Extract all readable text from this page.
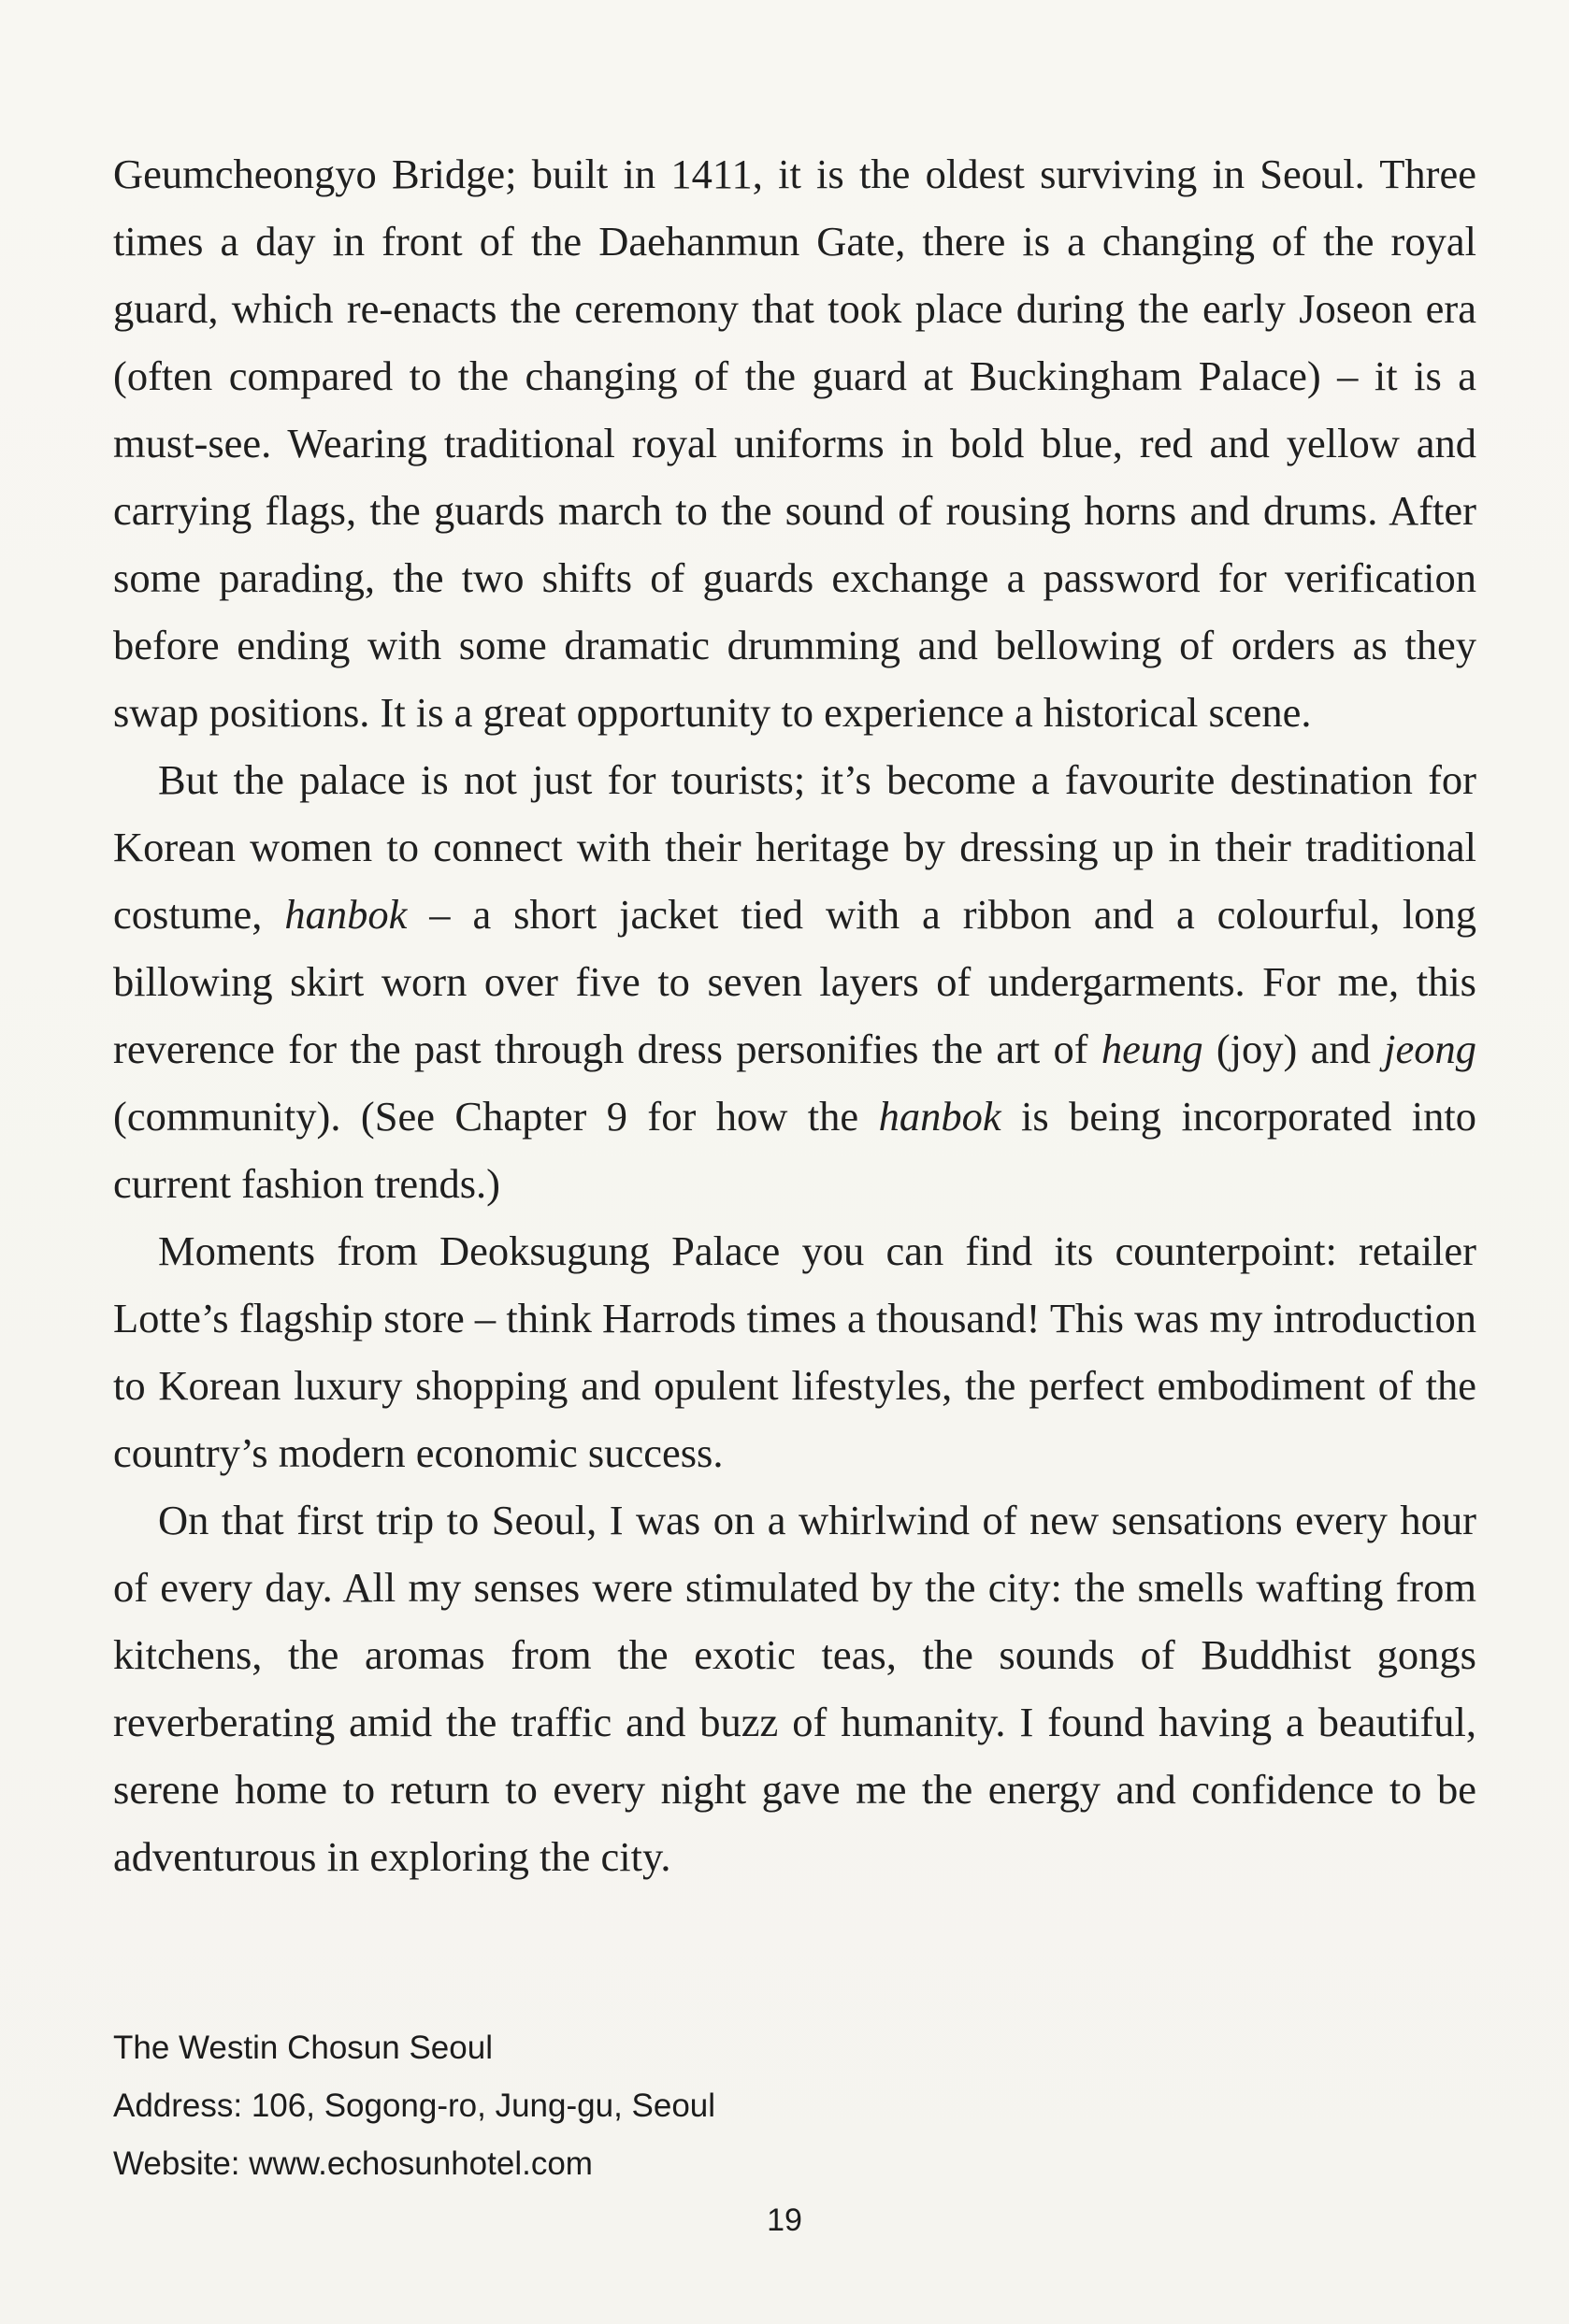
Geumcheongyo Bridge; built in 1411, it is the oldest surviving in Seoul. Three times a day in front of the Daehanmun Gate, there is a changing of the royal guard, which re-enacts the ceremony that took place during the early Joseon era (often compared to the changing of the guard at Buckingham Palace) – it is a must-see. Wearing traditional royal uniforms in bold blue, red and yellow and carrying flags, the guards march to the sound of rousing horns and drums. After some parading, the two shifts of guards exchange a password for verification before ending with some dramatic drumming and bellowing of orders as they swap positions. It is a great opportunity to experience a historical scene.

But the palace is not just for tourists; it’s become a favourite destination for Korean women to connect with their heritage by dressing up in their traditional costume, hanbok – a short jacket tied with a ribbon and a colourful, long billowing skirt worn over five to seven layers of undergarments. For me, this reverence for the past through dress personifies the art of heung (joy) and jeong (community). (See Chapter 9 for how the hanbok is being incorporated into current fashion trends.)

Moments from Deoksugung Palace you can find its counterpoint: retailer Lotte’s flagship store – think Harrods times a thousand! This was my introduction to Korean luxury shopping and opulent lifestyles, the perfect embodiment of the country’s modern economic success.

On that first trip to Seoul, I was on a whirlwind of new sensations every hour of every day. All my senses were stimulated by the city: the smells wafting from kitchens, the aromas from the exotic teas, the sounds of Buddhist gongs reverberating amid the traffic and buzz of humanity. I found having a beautiful, serene home to return to every night gave me the energy and confidence to be adventurous in exploring the city.

The Westin Chosun Seoul
Address: 106, Sogong-ro, Jung-gu, Seoul
Website: www.echosunhotel.com
19
